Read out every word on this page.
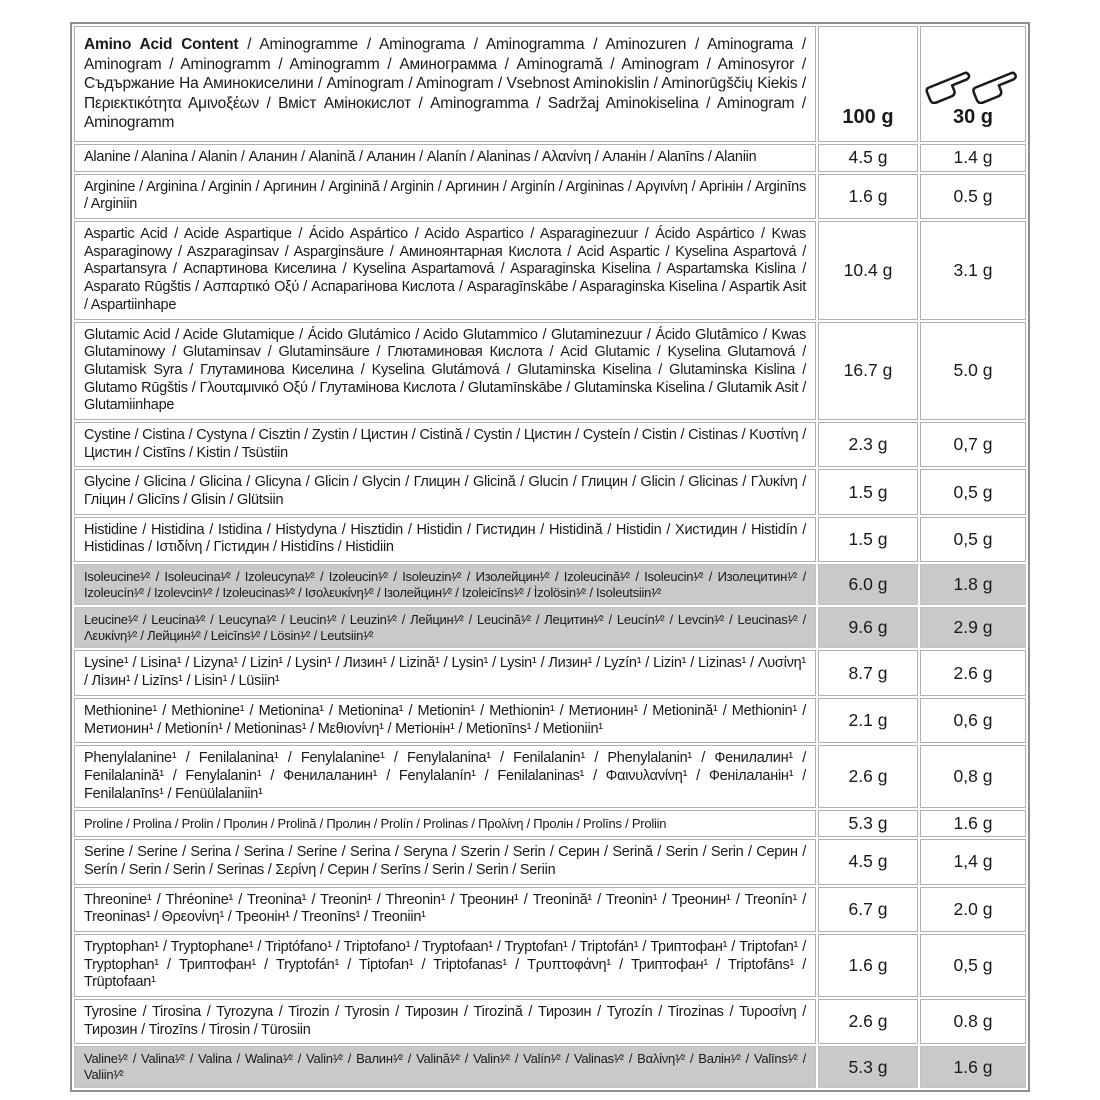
Amino Acid Content / Aminogramme / Aminograma / Aminogramma / Aminozuren / Aminograma / Aminogram / Aminogramm / Aminogramm / Аминограмма / Aminogramă / Aminogram / Aminosyror / Съдържание На Аминокиселини / Aminogram / Aminogram / Vsebnost Aminokislin / Aminorūgščių Kiekis / Περιεκτικότητα Αμινοξέων / Вміст Амінокислот / Aminogramma / Sadržaj Aminokiselina / Aminogram / Aminogramm	100 g	30 g

Alanine / Alanina / Alanin / Аланин / Alanină / Аланин / Alanín / Alaninas / Αλανίνη / Аланін / Alanīns / Alaniin	4.5 g	1.4 g
Arginine / Arginina / Arginin / Аргинин / Arginină / Arginin / Аргинин / Arginín / Argininas / Αργινίνη / Аргінін / Arginīns / Arginiin	1.6 g	0.5 g
Aspartic Acid / Acide Aspartique / Ácido Aspártico / Acido Aspartico / Asparaginezuur / Ácido Aspártico / Kwas Asparaginowy / Aszparaginsav / Asparginsäure / Аминоянтарная Кислота / Acid Aspartic / Kyselina Aspartová / Aspartansyra / Аспартинова Киселина / Kyselina Aspartamová / Asparaginska Kiselina / Aspartamska Kislina / Asparato Rūgštis / Ασπαρτικό Οξύ / Аспарагінова Кислота / Asparagīnskābe / Asparaginska Kiselina / Aspartik Asit / Aspartiinhape	10.4 g	3.1 g
Glutamic Acid / Acide Glutamique / Ácido Glutámico / Acido Glutammico / Glutaminezuur / Ácido Glutâmico / Kwas Glutaminowy / Glutaminsav / Glutaminsäure / Глютаминовая Кислота / Acid Glutamic / Kyselina Glutamová / Glutamisk Syra / Глутаминова Киселина / Kyselina Glutámová / Glutaminska Kiselina / Glutaminska Kislina / Glutamo Rūgštis / Γλουταμινικό Οξύ / Глутамінова Кислота / Glutamīnskābe / Glutaminska Kiselina / Glutamik Asit / Glutamiinhape	16.7 g	5.0 g
Cystine / Cistina / Cystyna / Cisztin / Zystin / Цистин / Cistină / Cystin / Цистин / Cysteín / Cistin / Cistinas / Κυστίνη / Цистин / Cistīns / Kistin / Tsüstiin	2.3 g	0,7 g
Glycine / Glicina / Glicina / Glicyna / Glicin / Glycin / Глицин / Glicină / Glucin / Глицин / Glicin / Glicinas / Γλυκίνη / Гліцин / Glicīns / Glisin / Glütsiin	1.5 g	0,5 g
Histidine / Histidina / Istidina / Histydyna / Hisztidin / Histidin / Гистидин / Histidină / Histidin / Хистидин / Histidín / Histidinas / Ιστιδίνη / Гістидин / Histidīns / Histidiin	1.5 g	0,5 g
Isoleucine¹⁄² / Isoleucina¹⁄² / Izoleucyna¹⁄² / Izoleucin¹⁄² / Isoleuzin¹⁄² / Изолейцин¹⁄² / Izoleucină¹⁄² / Isoleucin¹⁄² / Изолецитин¹⁄² / Izoleucín¹⁄² / Izolevcin¹⁄² / Izoleucinas¹⁄² / Ισολευκίνη¹⁄² / Ізолейцин¹⁄² / Izoleicīns¹⁄² / İzolösin¹⁄² / Isoleutsiin¹⁄²	6.0 g	1.8 g
Leucine¹⁄² / Leucina¹⁄² / Leucyna¹⁄² / Leucin¹⁄² / Leuzin¹⁄² / Лейцин¹⁄² / Leucină¹⁄² / Лецитин¹⁄² / Leucín¹⁄² / Levcin¹⁄² / Leucinas¹⁄² / Λευκίνη¹⁄² / Лейцин¹⁄² / Leicīns¹⁄² / Lösin¹⁄² / Leutsiin¹⁄²	9.6 g	2.9 g
Lysine¹ / Lisina¹ / Lizyna¹ / Lizin¹ / Lysin¹ / Лизин¹ / Lizină¹ / Lysin¹ / Lysin¹ / Лизин¹ / Lyzín¹ / Lizin¹ / Lizinas¹ / Λυσίνη¹ / Лізин¹ / Lizīns¹ / Lisin¹ / Lüsiin¹	8.7 g	2.6 g
Methionine¹ / Methionine¹ / Metionina¹ / Metionina¹ / Metionin¹ / Methionin¹ / Метионин¹ / Metionină¹ / Methionin¹ / Метионин¹ / Metionín¹ / Metioninas¹ / Μεθιονίνη¹ / Метіонін¹ / Metionīns¹ / Metioniin¹	2.1 g	0,6 g
Phenylalanine¹ / Fenilalanina¹ / Fenylalanine¹ / Fenylalanina¹ / Fenilalanin¹ / Phenylalanin¹ / Фенилалин¹ / Fenilalanină¹ / Fenylalanin¹ / Фенилаланин¹ / Fenylalanín¹ / Fenilalaninas¹ / Φαινυλανίνη¹ / Фенілаланін¹ / Fenilalanīns¹ / Fenüülalaniin¹	2.6 g	0,8 g
Proline / Prolina / Prolin / Пролин / Prolină / Пролин / Prolín / Prolinas / Προλίνη / Пролін / Prolīns / Proliin	5.3 g	1.6 g
Serine / Serine / Serina / Serina / Serine / Serina / Seryna / Szerin / Serin / Серин / Serină / Serin / Serin / Серин / Serín / Serin / Serin / Serinas / Σερίνη / Серин / Serīns / Serin / Serin / Seriin	4.5 g	1,4 g
Threonine¹ / Thréonine¹ / Treonina¹ / Treonin¹ / Threonin¹ / Треонин¹ / Treonină¹ / Treonin¹ / Треонин¹ / Treonín¹ / Treoninas¹ / Θρεονίνη¹ / Треонін¹ / Treonīns¹ / Treoniin¹	6.7 g	2.0 g
Tryptophan¹ / Tryptophane¹ / Triptófano¹ / Triptofano¹ / Tryptofaan¹ / Tryptofan¹ / Triptofán¹ / Триптофан¹ / Triptofan¹ / Tryptophan¹ / Триптофан¹ / Tryptofán¹ / Tiptofan¹ / Triptofanas¹ / Τρυπτοφάνη¹ / Триптофан¹ / Triptofāns¹ / Trüptofaan¹	1.6 g	0,5 g
Tyrosine / Tirosina / Tyrozyna / Tirozin / Tyrosin / Тирозин / Tirozină / Тирозин / Tyrozín / Tirozinas / Τυροσίνη / Тирозин / Tirozīns / Tirosin / Türosiin	2.6 g	0.8 g
Valine¹⁄² / Valina¹⁄² / Valina / Walina¹⁄² / Valin¹⁄² / Валин¹⁄² / Valină¹⁄² / Valin¹⁄² / Valín¹⁄² / Valinas¹⁄² / Βαλίνη¹⁄² / Валін¹⁄² / Valīns¹⁄² / Valiin¹⁄²	5.3 g	1.6 g
